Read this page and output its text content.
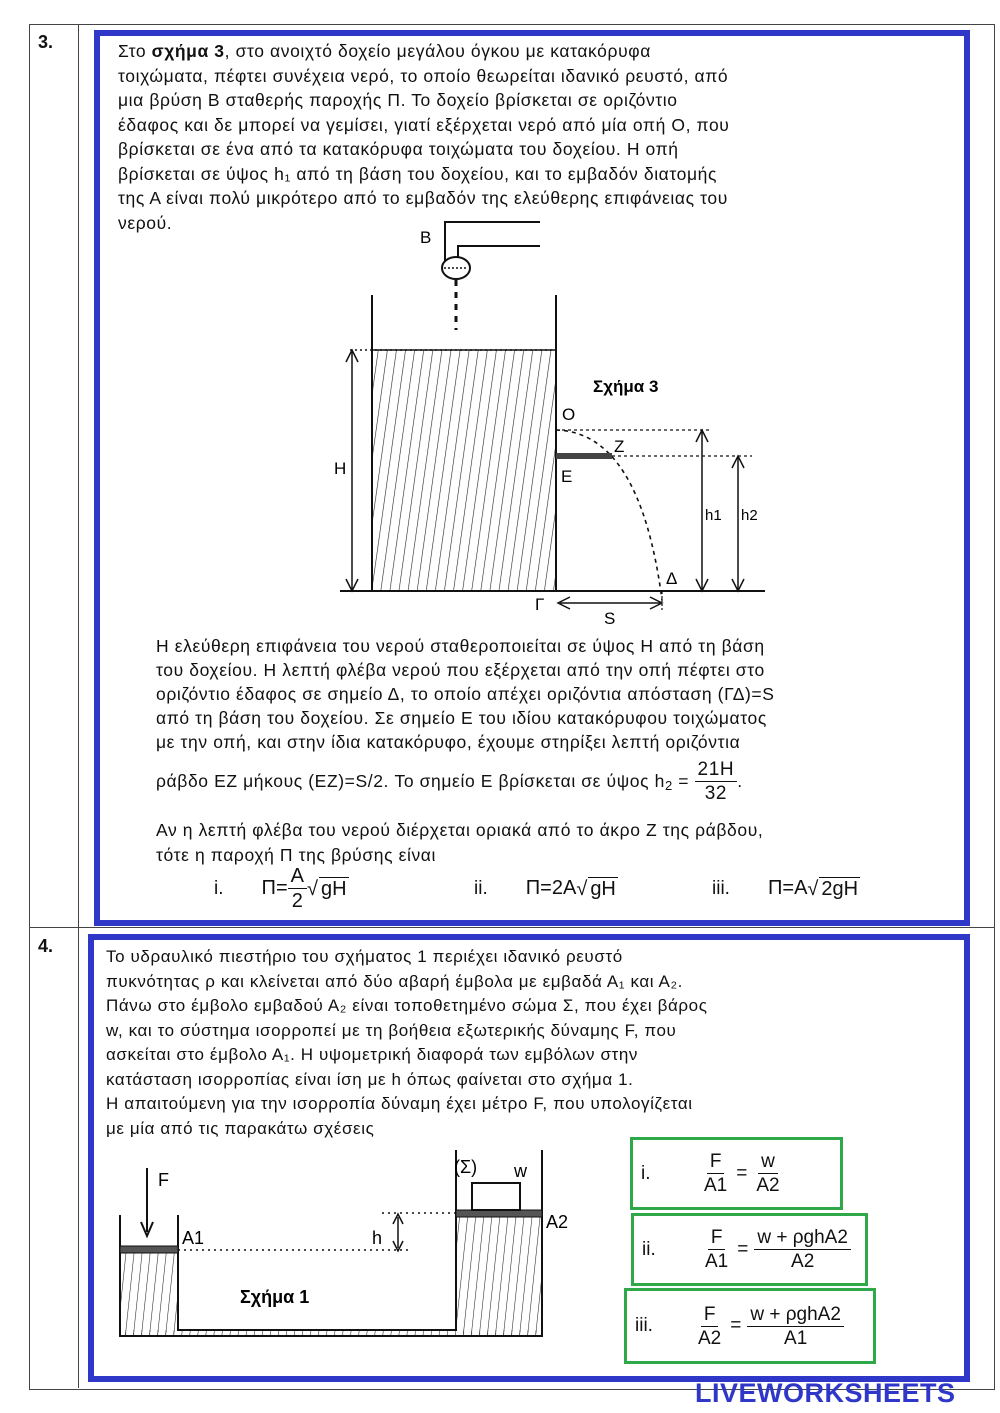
3.
4.
Στο σχήμα 3, στο ανοιχτό δοχείο μεγάλου όγκου με κατακόρυφα
τοιχώματα, πέφτει συνέχεια νερό, το οποίο θεωρείται ιδανικό ρευστό, από
μια βρύση Β σταθερής παροχής Π. Το δοχείο βρίσκεται σε οριζόντιο
έδαφος και δε μπορεί να γεμίσει, γιατί εξέρχεται νερό από μία οπή Ο, που
βρίσκεται σε ένα από τα κατακόρυφα τοιχώματα του δοχείου. Η οπή
βρίσκεται σε ύψος h₁ από τη βάση του δοχείου, και το εμβαδόν διατομής
της Α είναι πολύ μικρότερο από το εμβαδόν της ελεύθερης επιφάνειας του
νερού.
Β
Η
h1 h2
Σχήμα 3
Ο
Ζ
Ε
Γ
Δ
S
Η ελεύθερη επιφάνεια του νερού σταθεροποιείται σε ύψος Η από τη βάση
του δοχείου. Η λεπτή φλέβα νερού που εξέρχεται από την οπή πέφτει στο
οριζόντιο έδαφος σε σημείο Δ, το οποίο απέχει οριζόντια απόσταση (ΓΔ)=S
από τη βάση του δοχείου. Σε σημείο Ε του ιδίου κατακόρυφου τοιχώματος
με την οπή, και στην ίδια κατακόρυφο, έχουμε στηρίξει λεπτή οριζόντια
ράβδο ΕΖ μήκους (ΕΖ)=S/2. Το σημείο Ε βρίσκεται σε ύψος $h_2 = \frac{21H}{32}$ .
Αν η λεπτή φλέβα του νερού διέρχεται οριακά από το άκρο Ζ της ράβδου,
τότε η παροχή Π της βρύσης είναι
i. $\Pi= \frac{A}{2}$ √ gH	ii. Π=2A √ gH	iii. Π=A √ 2gH
Το υδραυλικό πιεστήριο του σχήματος 1 περιέχει ιδανικό ρευστό
πυκνότητας ρ και κλείνεται από δύο αβαρή έμβολα με εμβαδά Α₁ και Α₂.
Πάνω στο έμβολο εμβαδού Α₂ είναι τοποθετημένο σώμα Σ, που έχει βάρος
w, και το σύστημα ισορροπεί με τη βοήθεια εξωτερικής δύναμης F, που
ασκείται στο έμβολο Α₁. Η υψομετρική διαφορά των εμβόλων στην
κατάσταση ισορροπίας είναι ίση με h όπως φαίνεται στο σχήμα 1.
Η απαιτούμενη για την ισορροπία δύναμη έχει μέτρο F, που υπολογίζεται
με μία από τις παρακάτω σχέσεις
F
A1	h
(Σ) w
A2
Σχήμα 1
i.	$\frac{F}{A1} = \frac{w}{A2}$
ii.	$\frac{F}{A1} = \frac{\text{w + ρghA2}}{A2}$
iii.	$\frac{F}{A2} = \frac{\text{w + ρghA2}}{A1}$
LIVEWORKSHEETS
